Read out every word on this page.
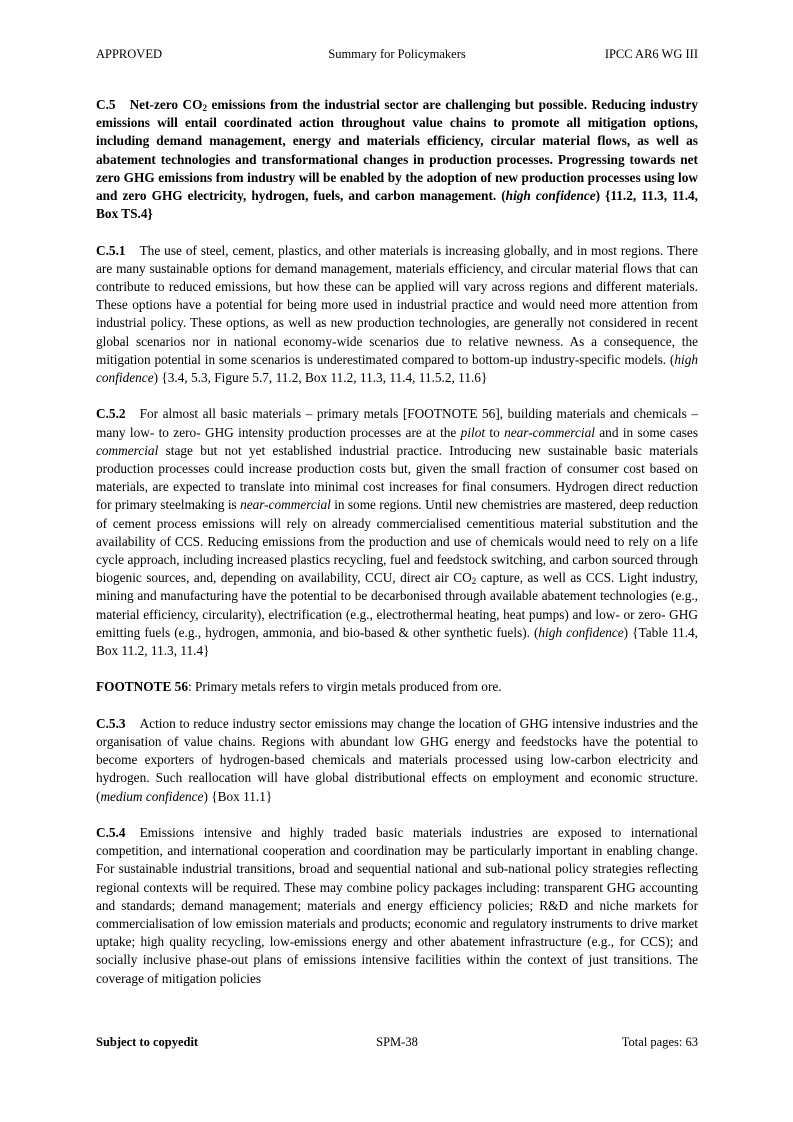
APPROVED	Summary for Policymakers	IPCC AR6 WG III

C.5 Net-zero $CO_2$ emissions from the industrial sector are challenging but possible. Reducing industry emissions will entail coordinated action throughout value chains to promote all mitigation options, including demand management, energy and materials efficiency, circular material flows, as well as abatement technologies and transformational changes in production processes. Progressing towards net zero GHG emissions from industry will be enabled by the adoption of new production processes using low and zero GHG electricity, hydrogen, fuels, and carbon management. (high confidence) {11.2, 11.3, 11.4, Box TS.4}

C.5.1 The use of steel, cement, plastics, and other materials is increasing globally, and in most regions. There are many sustainable options for demand management, materials efficiency, and circular material flows that can contribute to reduced emissions, but how these can be applied will vary across regions and different materials. These options have a potential for being more used in industrial practice and would need more attention from industrial policy. These options, as well as new production technologies, are generally not considered in recent global scenarios nor in national economy-wide scenarios due to relative newness. As a consequence, the mitigation potential in some scenarios is underestimated compared to bottom-up industry-specific models. (high confidence) {3.4, 5.3, Figure 5.7, 11.2, Box 11.2, 11.3, 11.4, 11.5.2, 11.6}

C.5.2 For almost all basic materials – primary metals [FOOTNOTE 56], building materials and chemicals – many low- to zero- GHG intensity production processes are at the pilot to near-commercial and in some cases commercial stage but not yet established industrial practice. Introducing new sustainable basic materials production processes could increase production costs but, given the small fraction of consumer cost based on materials, are expected to translate into minimal cost increases for final consumers. Hydrogen direct reduction for primary steelmaking is near-commercial in some regions. Until new chemistries are mastered, deep reduction of cement process emissions will rely on already commercialised cementitious material substitution and the availability of CCS. Reducing emissions from the production and use of chemicals would need to rely on a life cycle approach, including increased plastics recycling, fuel and feedstock switching, and carbon sourced through biogenic sources, and, depending on availability, CCU, direct air $CO_2$ capture, as well as CCS. Light industry, mining and manufacturing have the potential to be decarbonised through available abatement technologies (e.g., material efficiency, circularity), electrification (e.g., electrothermal heating, heat pumps) and low- or zero- GHG emitting fuels (e.g., hydrogen, ammonia, and bio-based & other synthetic fuels). (high confidence) {Table 11.4, Box 11.2, 11.3, 11.4}

FOOTNOTE 56: Primary metals refers to virgin metals produced from ore.

C.5.3 Action to reduce industry sector emissions may change the location of GHG intensive industries and the organisation of value chains. Regions with abundant low GHG energy and feedstocks have the potential to become exporters of hydrogen-based chemicals and materials processed using low-carbon electricity and hydrogen. Such reallocation will have global distributional effects on employment and economic structure. (medium confidence) {Box 11.1}

C.5.4 Emissions intensive and highly traded basic materials industries are exposed to international competition, and international cooperation and coordination may be particularly important in enabling change. For sustainable industrial transitions, broad and sequential national and sub-national policy strategies reflecting regional contexts will be required. These may combine policy packages including: transparent GHG accounting and standards; demand management; materials and energy efficiency policies; R&D and niche markets for commercialisation of low emission materials and products; economic and regulatory instruments to drive market uptake; high quality recycling, low-emissions energy and other abatement infrastructure (e.g., for CCS); and socially inclusive phase-out plans of emissions intensive facilities within the context of just transitions. The coverage of mitigation policies

Subject to copyedit	SPM-38	Total pages: 63
